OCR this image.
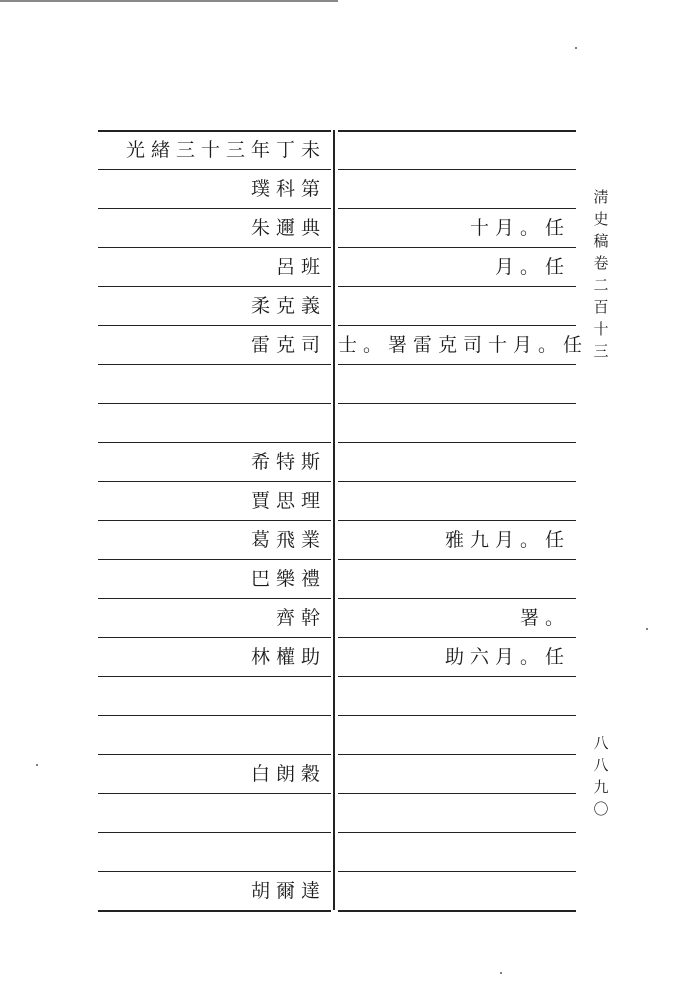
光緖三十三年丁未
璞科第
朱邇典	十月。任
呂班	月。任
柔克義
雷克司 士。署雷克司十月。任
希特斯
賈思理
葛飛業	雅九月。任
巴樂禮
齊幹	署。
林權助	助六月。任
白朗穀
胡爾達
淸
史
稿
卷
二
百
十
三
八
八
九
〇
